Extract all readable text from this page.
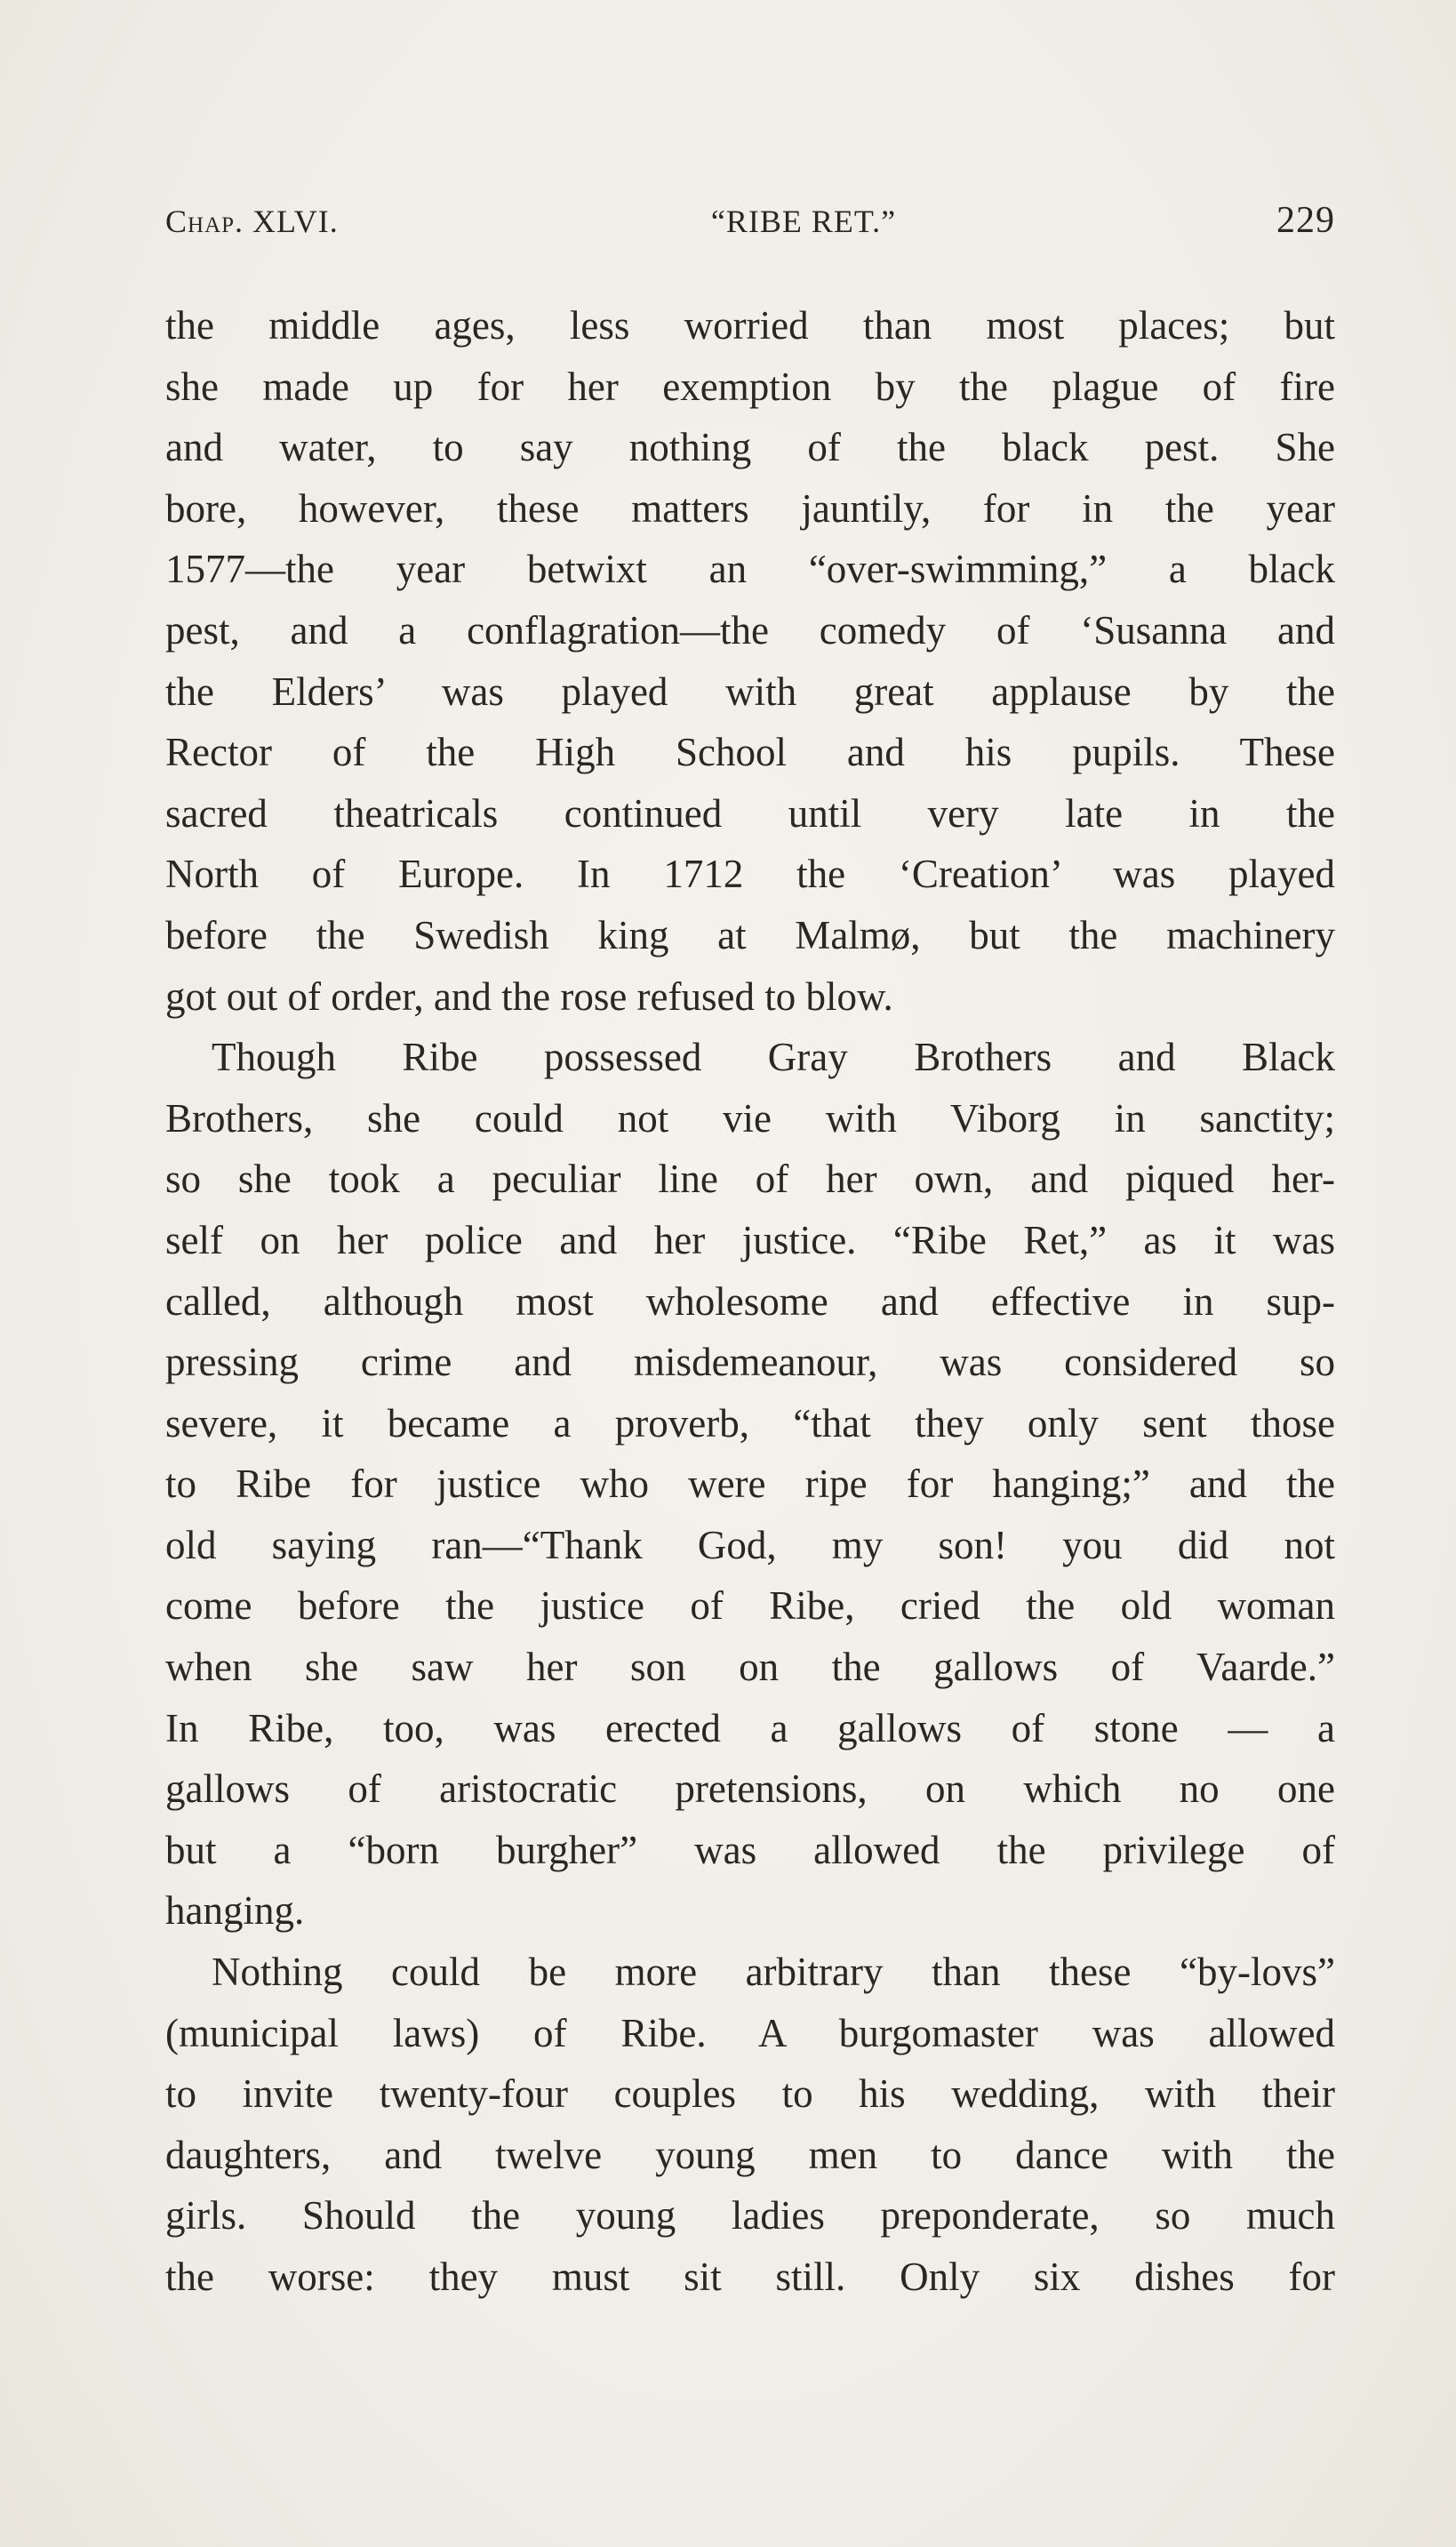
Chap. XLVI.	“RIBE RET.”	229
the middle ages, less worried than most places; but
she made up for her exemption by the plague of fire
and water, to say nothing of the black pest. She
bore, however, these matters jauntily, for in the year
1577—the year betwixt an “over-swimming,” a black
pest, and a conflagration—the comedy of ‘Susanna and
the Elders’ was played with great applause by the
Rector of the High School and his pupils. These
sacred theatricals continued until very late in the
North of Europe. In 1712 the ‘Creation’ was played
before the Swedish king at Malmø, but the machinery
got out of order, and the rose refused to blow.
Though Ribe possessed Gray Brothers and Black
Brothers, she could not vie with Viborg in sanctity;
so she took a peculiar line of her own, and piqued her-
self on her police and her justice. “Ribe Ret,” as it was
called, although most wholesome and effective in sup-
pressing crime and misdemeanour, was considered so
severe, it became a proverb, “that they only sent those
to Ribe for justice who were ripe for hanging;” and the
old saying ran—“Thank God, my son! you did not
come before the justice of Ribe, cried the old woman
when she saw her son on the gallows of Vaarde.”
In Ribe, too, was erected a gallows of stone — a
gallows of aristocratic pretensions, on which no one
but a “born burgher” was allowed the privilege of
hanging.
Nothing could be more arbitrary than these “by-lovs”
(municipal laws) of Ribe. A burgomaster was allowed
to invite twenty-four couples to his wedding, with their
daughters, and twelve young men to dance with the
girls. Should the young ladies preponderate, so much
the worse: they must sit still. Only six dishes for
